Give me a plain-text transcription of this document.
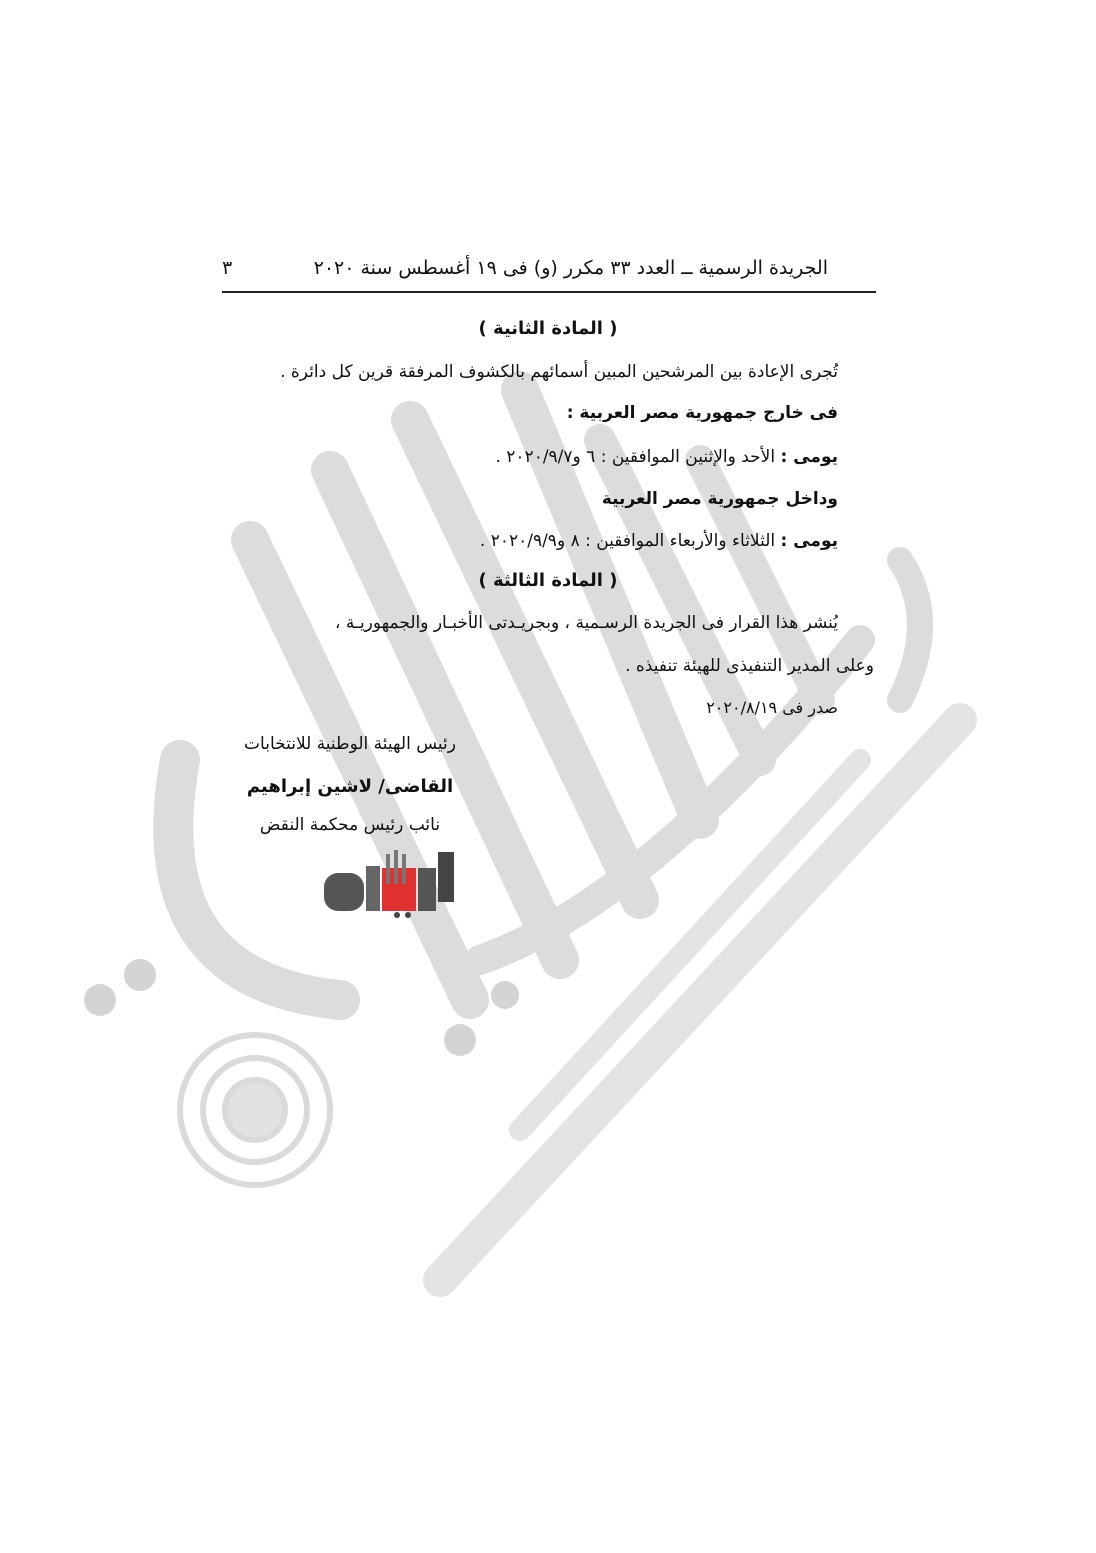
الجريدة الرسمية ــ العدد ٣٣ مكرر (و) فى ١٩ أغسطس سنة ٢٠٢٠
٣
( المادة الثانية )
تُجرى الإعادة بين المرشحين المبين أسمائهم بالكشوف المرفقة قرين كل دائرة .
فى خارج جمهورية مصر العربية :
يومى : الأحد والإثنين الموافقين : ٦ و٢٠٢٠/٩/٧ .
وداخل جمهورية مصر العربية
يومى : الثلاثاء والأربعاء الموافقين : ٨ و٢٠٢٠/٩/٩ .
( المادة الثالثة )
يُنشر هذا القرار فى الجريدة الرسـمية ، وبجريـدتى الأخبـار والجمهوريـة ،
وعلى المدير التنفيذى للهيئة تنفيذه .
صدر فى ٢٠٢٠/٨/١٩
رئيس الهيئة الوطنية للانتخابات
القاضى/ لاشين إبراهيم
نائب رئيس محكمة النقض
